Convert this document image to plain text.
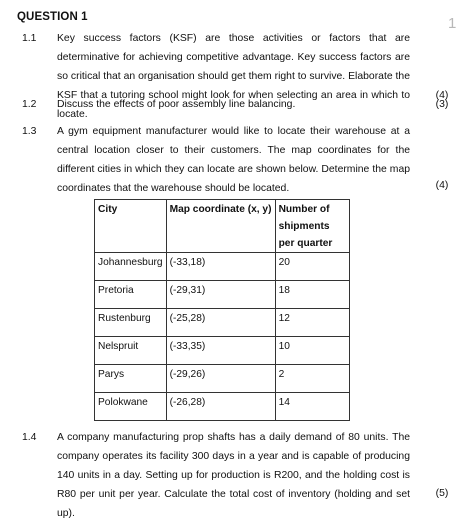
QUESTION 1	1
1.1 Key success factors (KSF) are those activities or factors that are determinative for achieving competitive advantage. Key success factors are so critical that an organisation should get them right to survive. Elaborate the KSF that a tutoring school might look for when selecting an area in which to locate.
(4)
1.2 Discuss the effects of poor assembly line balancing.	(3)
1.3 A gym equipment manufacturer would like to locate their warehouse at a central location closer to their customers. The map coordinates for the different cities in which they can locate are shown below. Determine the map coordinates that the warehouse should be located.	(4)
City	Map coordinate (x, y)	Number of shipments per quarter
Johannesburg	(-33,18)	20
Pretoria	(-29,31)	18
Rustenburg	(-25,28)	12
Nelspruit	(-33,35)	10
Parys	(-29,26)	2
Polokwane	(-26,28)	14
1.4 A company manufacturing prop shafts has a daily demand of 80 units. The company operates its facility 300 days in a year and is capable of producing 140 units in a day. Setting up for production is R200, and the holding cost is R80 per unit per year. Calculate the total cost of inventory (holding and set up).
(5)
